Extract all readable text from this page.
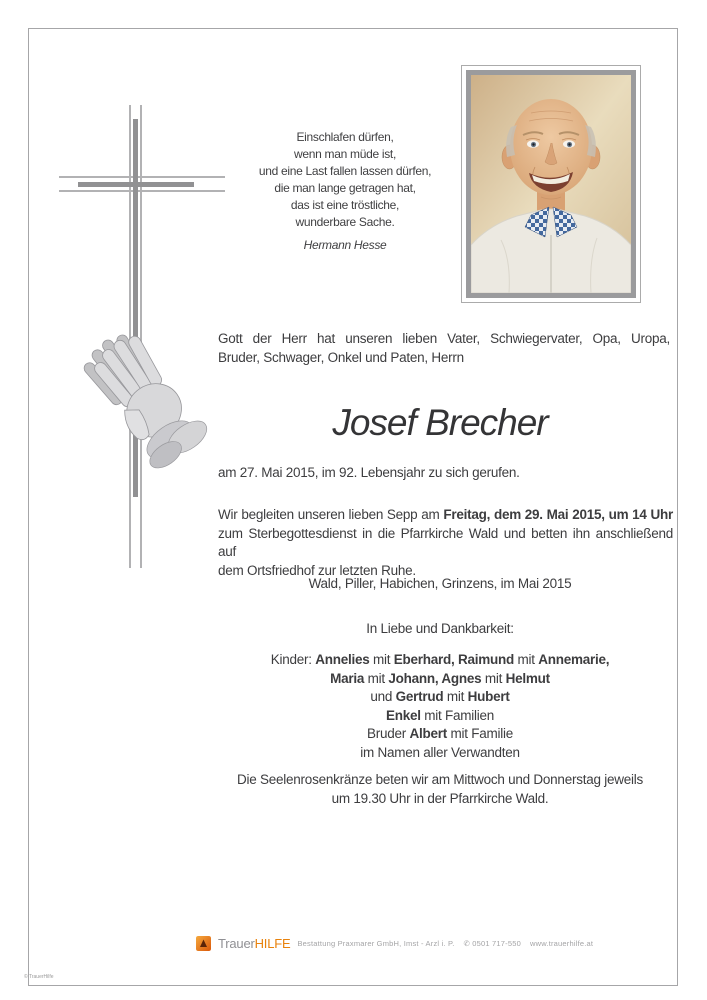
Einschlafen dürfen,
wenn man müde ist,
und eine Last fallen lassen dürfen,
die man lange getragen hat,
das ist eine tröstliche,
wunderbare Sache.
Hermann Hesse
Gott der Herr hat unseren lieben Vater, Schwiegervater, Opa, Uropa,
Bruder, Schwager, Onkel und Paten, Herrn
Josef Brecher
am 27. Mai 2015, im 92. Lebensjahr zu sich gerufen.
Wir begleiten unseren lieben Sepp am Freitag, dem 29. Mai 2015, um 14 Uhr
zum Sterbegottesdienst in die Pfarrkirche Wald und betten ihn anschließend auf
dem Ortsfriedhof zur letzten Ruhe.
Wald, Piller, Habichen, Grinzens, im Mai 2015
In Liebe und Dankbarkeit:
Kinder: Annelies mit Eberhard, Raimund mit Annemarie,
Maria mit Johann, Agnes mit Helmut
und Gertrud mit Hubert
Enkel mit Familien
Bruder Albert mit Familie
im Namen aller Verwandten
Die Seelenrosenkränze beten wir am Mittwoch und Donnerstag jeweils
um 19.30 Uhr in der Pfarrkirche Wald.
TrauerHILFE Bestattung Praxmarer GmbH, Imst - Arzl i. P. ✆ 0501 717-550 www.trauerhilfe.at
© TrauerHilfe
